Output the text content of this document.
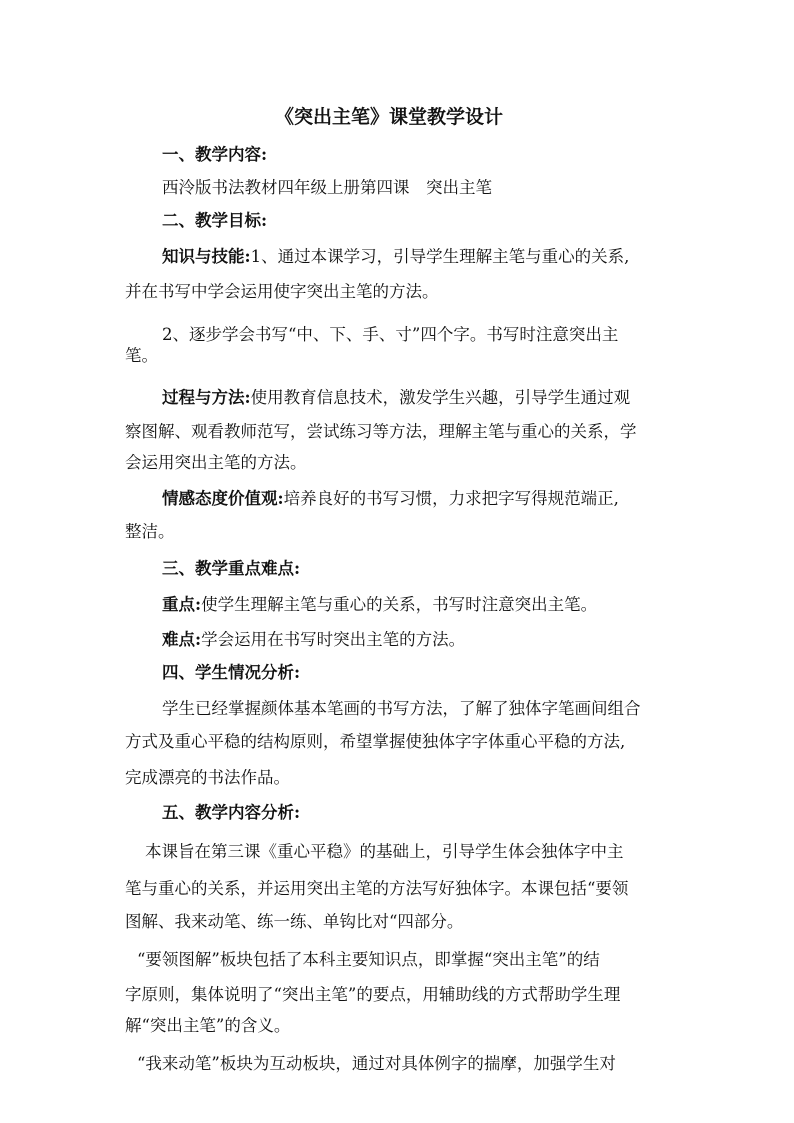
《突出主笔》课堂教学设计
一、教学内容:
西泠版书法教材四年级上册第四课　突出主笔
二、教学目标:
知识与技能:1、通过本课学习，引导学生理解主笔与重心的关系,
并在书写中学会运用使字突出主笔的方法。
2、逐步学会书写“中、下、手、寸”四个字。书写时注意突出主
笔。
过程与方法:使用教育信息技术，激发学生兴趣，引导学生通过观
察图解、观看教师范写，尝试练习等方法，理解主笔与重心的关系，学
会运用突出主笔的方法。
情感态度价值观:培养良好的书写习惯，力求把字写得规范端正,
整洁。
三、教学重点难点:
重点:使学生理解主笔与重心的关系，书写时注意突出主笔。
难点:学会运用在书写时突出主笔的方法。
四、学生情况分析:
学生已经掌握颜体基本笔画的书写方法，了解了独体字笔画间组合
方式及重心平稳的结构原则，希望掌握使独体字字体重心平稳的方法,
完成漂亮的书法作品。
五、教学内容分析:
本课旨在第三课《重心平稳》的基础上，引导学生体会独体字中主
笔与重心的关系，并运用突出主笔的方法写好独体字。本课包括“要领
图解、我来动笔、练一练、单钩比对“四部分。
“要领图解”板块包括了本科主要知识点，即掌握“突出主笔”的结
字原则，集体说明了“突出主笔”的要点，用辅助线的方式帮助学生理
解“突出主笔”的含义。
“我来动笔”板块为互动板块，通过对具体例字的揣摩，加强学生对
